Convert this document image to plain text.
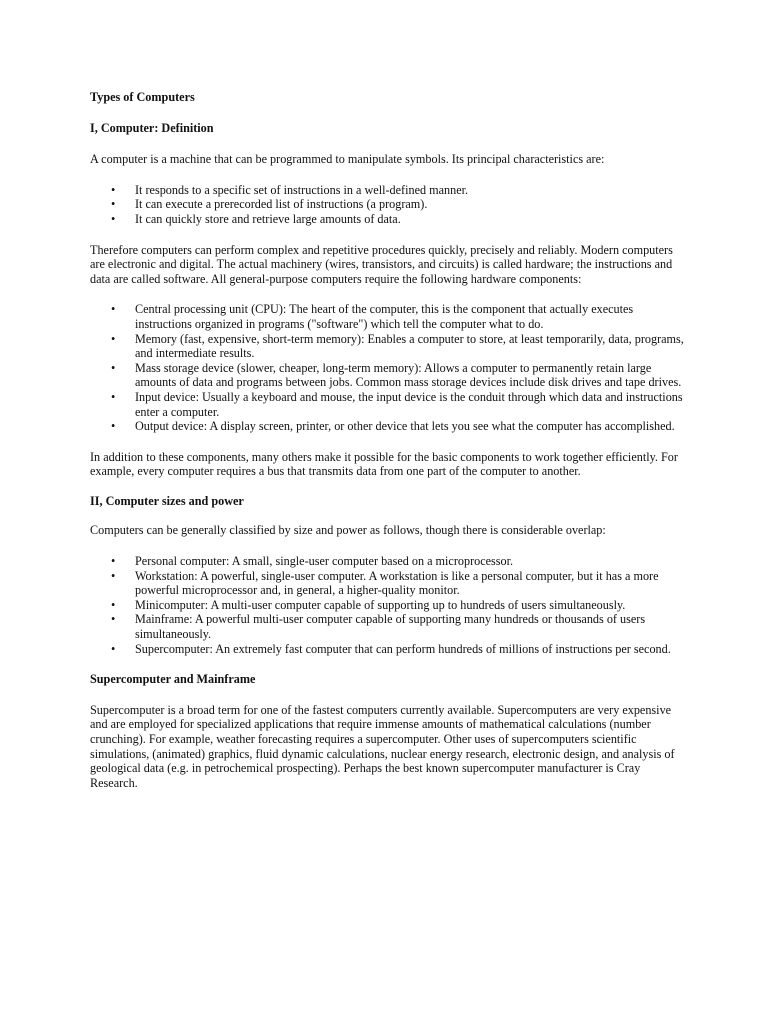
Types of Computers

I, Computer: Definition

A computer is a machine that can be programmed to manipulate symbols. Its principal characteristics are:

• It responds to a specific set of instructions in a well-defined manner.
• It can execute a prerecorded list of instructions (a program).
• It can quickly store and retrieve large amounts of data.

Therefore computers can perform complex and repetitive procedures quickly, precisely and reliably. Modern computers are electronic and digital. The actual machinery (wires, transistors, and circuits) is called hardware; the instructions and data are called software. All general-purpose computers require the following hardware components:

• Central processing unit (CPU): The heart of the computer, this is the component that actually executes instructions organized in programs ("software") which tell the computer what to do.
• Memory (fast, expensive, short-term memory): Enables a computer to store, at least temporarily, data, programs, and intermediate results.
• Mass storage device (slower, cheaper, long-term memory): Allows a computer to permanently retain large amounts of data and programs between jobs. Common mass storage devices include disk drives and tape drives.
• Input device: Usually a keyboard and mouse, the input device is the conduit through which data and instructions enter a computer.
• Output device: A display screen, printer, or other device that lets you see what the computer has accomplished.

In addition to these components, many others make it possible for the basic components to work together efficiently. For example, every computer requires a bus that transmits data from one part of the computer to another.

II, Computer sizes and power

Computers can be generally classified by size and power as follows, though there is considerable overlap:

• Personal computer: A small, single-user computer based on a microprocessor.
• Workstation: A powerful, single-user computer. A workstation is like a personal computer, but it has a more powerful microprocessor and, in general, a higher-quality monitor.
• Minicomputer: A multi-user computer capable of supporting up to hundreds of users simultaneously.
• Mainframe: A powerful multi-user computer capable of supporting many hundreds or thousands of users simultaneously.
• Supercomputer: An extremely fast computer that can perform hundreds of millions of instructions per second.

Supercomputer and Mainframe

Supercomputer is a broad term for one of the fastest computers currently available. Supercomputers are very expensive and are employed for specialized applications that require immense amounts of mathematical calculations (number crunching). For example, weather forecasting requires a supercomputer. Other uses of supercomputers scientific simulations, (animated) graphics, fluid dynamic calculations, nuclear energy research, electronic design, and analysis of geological data (e.g. in petrochemical prospecting). Perhaps the best known supercomputer manufacturer is Cray Research.
